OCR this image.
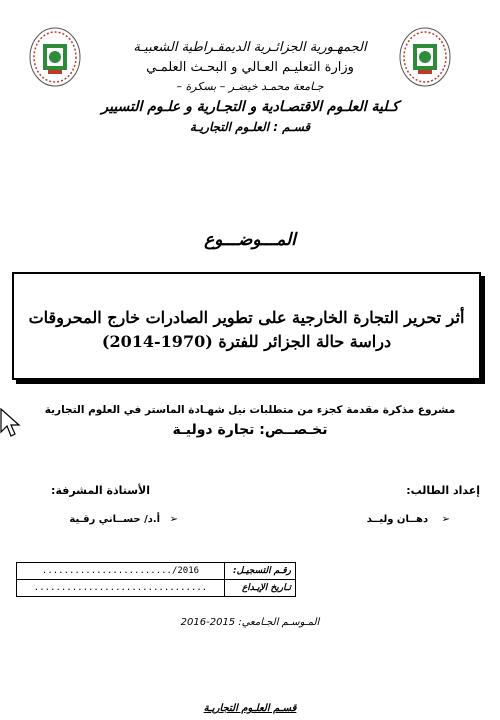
الجمهـورية الجزائـرية الديمقـراطية الشعبيـة
وزارة التعليـم العـالي و البحـث العلمـي
جـامعة محمـد خيضـر – بسكرة –
كـلية العلـوم الاقتصـادية و التجـارية و علـوم التسيير
قسـم : العلـوم التجاريـة
المـــوضـــوع
أثر تحرير التجارة الخارجية على تطوير الصادرات خارج المحروقات
دراسة حالة الجزائر للفترة (1970-2014)
مشروع مذكرة مقدمة كجزء من متطلبات نيل شهـادة الماستر في العلوم التجارية
تخـصــص: تجارة دوليـة
إعداد الطالب:
الأستاذة المشرفة:
➢ دهــان وليــد
➢ أ.د/ حســاني رقـية
......................../2016	رقـم التسجيـل:
................................	تـاريخ الإيـداع
المـوسـم الجـامعي: 2015-2016
قسـم العلـوم التجاريـة
